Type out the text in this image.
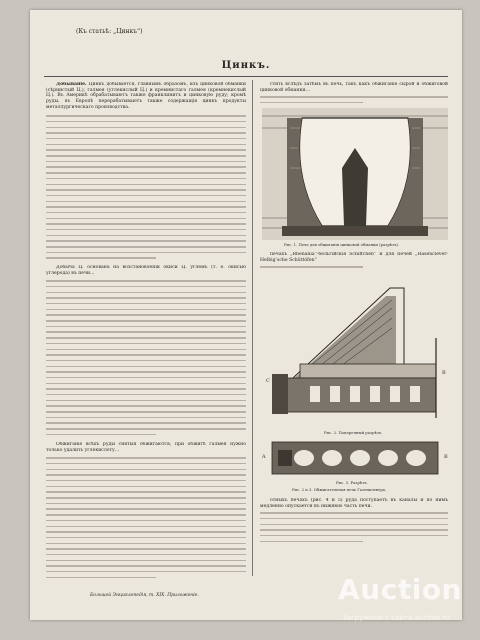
(Къ статьѣ: „Цинкъ“)
Цинкъ.

Добываніе. Цинкъ добывается, главнымъ образомъ, изъ цинковой обманки (сѣрнистый Ц.), галмея (углекислый Ц.) и кремнистаго галмея (кремнекислый Ц.). Въ Америкѣ обрабатываютъ также франклинитъ и цинковую руду; кромѣ руды, въ Европѣ перерабатываютъ также содержащія цинкъ продукты металлургическаго производства.

Добыча Ц. основана на возстановленіи окиси Ц. углемъ (т. е. окисью углерода) въ печи...

Обжиганіе всѣхъ руды снятыя обжигаются, при обжигѣ галмея нужно только удалить углекислоту...

стить вслѣдъ затѣмъ въ печь, такъ какъ обжиганіе сырой и обжиговой цинковой обманки...

Рис. 1. Печь для обжиганія цинковой обманки (разрѣзъ).

печахъ „Rhenania“-бельгійскія Schiffchen“ и для печей „Hasenclever-Helbig’sche Schüttöfen“

C
B
Рис. 2. Поперечный разрѣзъ.
A	B
Рис. 3. Разрѣзъ.
Рис. 2 и 3. Обжигательная печь Газенклевера.

отныхъ печахъ (рис. 4 и 5) руда поступаетъ въ каналы и по нимъ медленно опускается въ нижнюю часть печи.

Большой Энциклопедія, т. XIX. Приложеніе.	Auction
Загружено с сайта auction.ru
